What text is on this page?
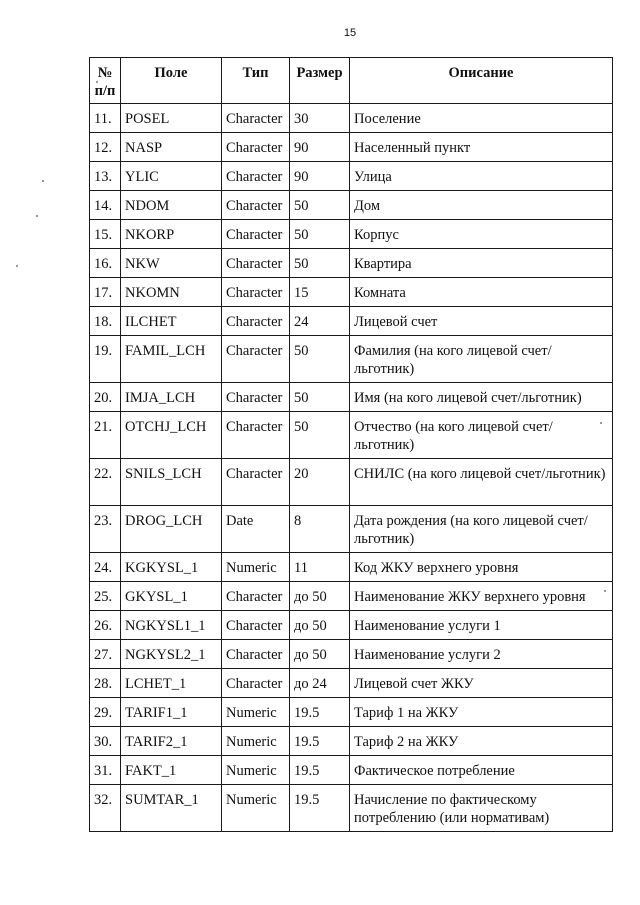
15
№ п/п	Поле	Тип	Размер	Описание
11.	POSEL	Character	30	Поселение
12.	NASP	Character	90	Населенный пункт
13.	YLIC	Character	90	Улица
14.	NDOM	Character	50	Дом
15.	NKORP	Character	50	Корпус
16.	NKW	Character	50	Квартира
17.	NKOMN	Character	15	Комната
18.	ILCHET	Character	24	Лицевой счет
19.	FAMIL_LCH	Character	50	Фамилия (на кого лицевой счет/льготник)
20.	IMJA_LCH	Character	50	Имя (на кого лицевой счет/льготник)
21.	OTCHJ_LCH	Character	50	Отчество (на кого лицевой счет/льготник)
22.	SNILS_LCH	Character	20	СНИЛС (на кого лицевой счет/льготник)
23.	DROG_LCH	Date	8	Дата рождения (на кого лицевой счет/льготник)
24.	KGKYSL_1	Numeric	11	Код ЖКУ верхнего уровня
25.	GKYSL_1	Character	до 50	Наименование ЖКУ верхнего уровня
26.	NGKYSL1_1	Character	до 50	Наименование услуги 1
27.	NGKYSL2_1	Character	до 50	Наименование услуги 2
28.	LCHET_1	Character	до 24	Лицевой счет ЖКУ
29.	TARIF1_1	Numeric	19.5	Тариф 1 на ЖКУ
30.	TARIF2_1	Numeric	19.5	Тариф 2 на ЖКУ
31.	FAKT_1	Numeric	19.5	Фактическое потребление
32.	SUMTAR_1	Numeric	19.5	Начисление по фактическому потреблению (или нормативам)
